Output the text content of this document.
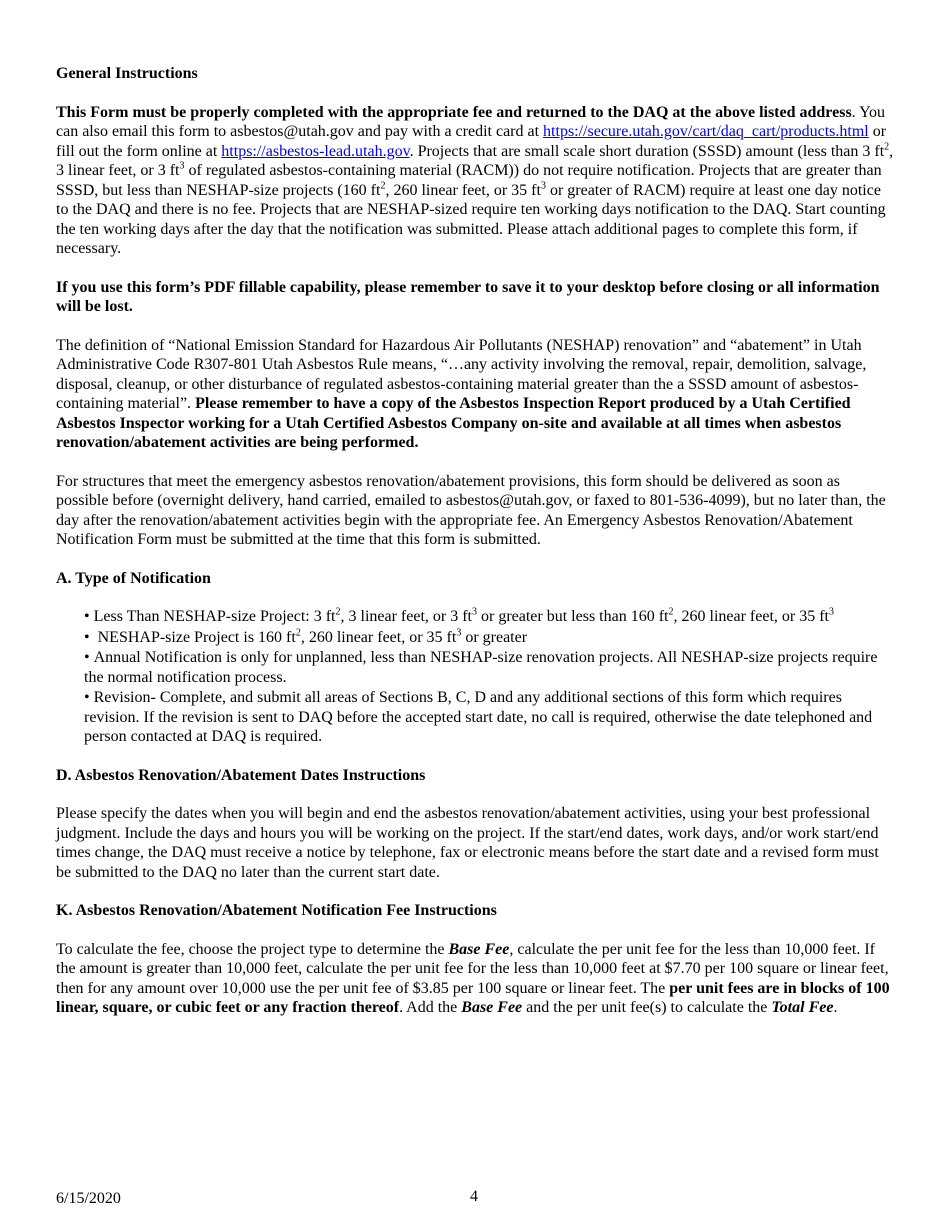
General Instructions

This Form must be properly completed with the appropriate fee and returned to the DAQ at the above listed address. You can also email this form to asbestos@utah.gov and pay with a credit card at https://secure.utah.gov/cart/daq_cart/products.html or fill out the form online at https://asbestos-lead.utah.gov. Projects that are small scale short duration (SSSD) amount (less than 3 $ft^2$, 3 linear feet, or 3 $ft^3$ of regulated asbestos-containing material (RACM)) do not require notification. Projects that are greater than SSSD, but less than NESHAP-size projects (160 $ft^2$, 260 linear feet, or 35 $ft^3$ or greater of RACM) require at least one day notice to the DAQ and there is no fee. Projects that are NESHAP-sized require ten working days notification to the DAQ. Start counting the ten working days after the day that the notification was submitted. Please attach additional pages to complete this form, if necessary.

If you use this form’s PDF fillable capability, please remember to save it to your desktop before closing or all information will be lost.

The definition of “National Emission Standard for Hazardous Air Pollutants (NESHAP) renovation” and “abatement” in Utah Administrative Code R307-801 Utah Asbestos Rule means, “…any activity involving the removal, repair, demolition, salvage, disposal, cleanup, or other disturbance of regulated asbestos-containing material greater than the a SSSD amount of asbestos-containing material”. Please remember to have a copy of the Asbestos Inspection Report produced by a Utah Certified Asbestos Inspector working for a Utah Certified Asbestos Company on-site and available at all times when asbestos renovation/abatement activities are being performed.

For structures that meet the emergency asbestos renovation/abatement provisions, this form should be delivered as soon as possible before (overnight delivery, hand carried, emailed to asbestos@utah.gov, or faxed to 801-536-4099), but no later than, the day after the renovation/abatement activities begin with the appropriate fee. An Emergency Asbestos Renovation/Abatement Notification Form must be submitted at the time that this form is submitted.

A. Type of Notification

• Less Than NESHAP-size Project: 3 $ft^2$, 3 linear feet, or 3 $ft^3$ or greater but less than 160 $ft^2$, 260 linear feet, or 35 $ft^3$
• NESHAP-size Project is 160 $ft^2$, 260 linear feet, or 35 $ft^3$ or greater
• Annual Notification is only for unplanned, less than NESHAP-size renovation projects. All NESHAP-size projects require the normal notification process.
• Revision- Complete, and submit all areas of Sections B, C, D and any additional sections of this form which requires revision. If the revision is sent to DAQ before the accepted start date, no call is required, otherwise the date telephoned and person contacted at DAQ is required.

D. Asbestos Renovation/Abatement Dates Instructions

Please specify the dates when you will begin and end the asbestos renovation/abatement activities, using your best professional judgment. Include the days and hours you will be working on the project. If the start/end dates, work days, and/or work start/end times change, the DAQ must receive a notice by telephone, fax or electronic means before the start date and a revised form must be submitted to the DAQ no later than the current start date.

K. Asbestos Renovation/Abatement Notification Fee Instructions

To calculate the fee, choose the project type to determine the Base Fee, calculate the per unit fee for the less than 10,000 feet. If the amount is greater than 10,000 feet, calculate the per unit fee for the less than 10,000 feet at $7.70 per 100 square or linear feet, then for any amount over 10,000 use the per unit fee of $3.85 per 100 square or linear feet. The per unit fees are in blocks of 100 linear, square, or cubic feet or any fraction thereof. Add the Base Fee and the per unit fee(s) to calculate the Total Fee.

6/15/2020	4
